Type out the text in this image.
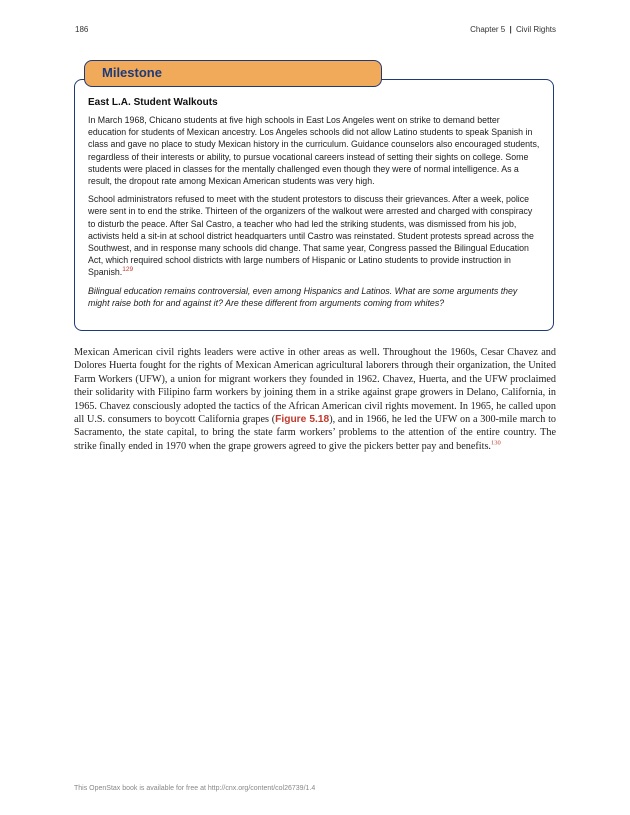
186	Chapter 5 | Civil Rights
East L.A. Student Walkouts

In March 1968, Chicano students at five high schools in East Los Angeles went on strike to demand better education for students of Mexican ancestry. Los Angeles schools did not allow Latino students to speak Spanish in class and gave no place to study Mexican history in the curriculum. Guidance counselors also encouraged students, regardless of their interests or ability, to pursue vocational careers instead of setting their sights on college. Some students were placed in classes for the mentally challenged even though they were of normal intelligence. As a result, the dropout rate among Mexican American students was very high.

School administrators refused to meet with the student protestors to discuss their grievances. After a week, police were sent in to end the strike. Thirteen of the organizers of the walkout were arrested and charged with conspiracy to disturb the peace. After Sal Castro, a teacher who had led the striking students, was dismissed from his job, activists held a sit-in at school district headquarters until Castro was reinstated. Student protests spread across the Southwest, and in response many schools did change. That same year, Congress passed the Bilingual Education Act, which required school districts with large numbers of Hispanic or Latino students to provide instruction in Spanish.$^{129}$

Bilingual education remains controversial, even among Hispanics and Latinos. What are some arguments they might raise both for and against it? Are these different from arguments coming from whites?

Milestone

Mexican American civil rights leaders were active in other areas as well. Throughout the 1960s, Cesar Chavez and Dolores Huerta fought for the rights of Mexican American agricultural laborers through their organization, the United Farm Workers (UFW), a union for migrant workers they founded in 1962. Chavez, Huerta, and the UFW proclaimed their solidarity with Filipino farm workers by joining them in a strike against grape growers in Delano, California, in 1965. Chavez consciously adopted the tactics of the African American civil rights movement. In 1965, he called upon all U.S. consumers to boycott California grapes (Figure 5.18), and in 1966, he led the UFW on a 300-mile march to Sacramento, the state capital, to bring the state farm workers’ problems to the attention of the entire country. The strike finally ended in 1970 when the grape growers agreed to give the pickers better pay and benefits.$^{130}$

This OpenStax book is available for free at http://cnx.org/content/col26739/1.4
